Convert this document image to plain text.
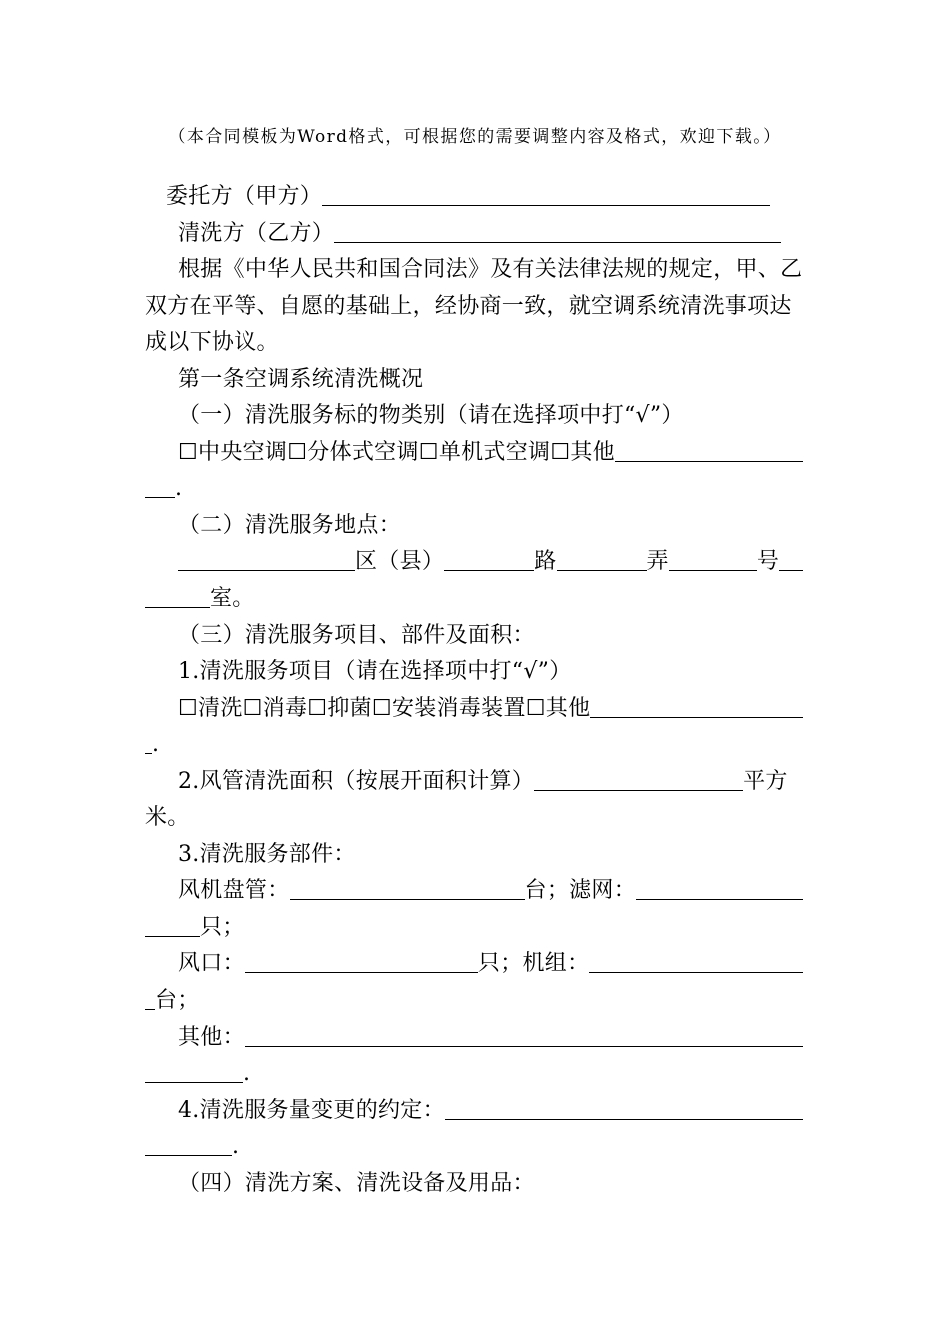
（本合同模板为Word格式，可根据您的需要调整内容及格式，欢迎下载。）
委托方（甲方）
清洗方（乙方）
根据《中华人民共和国合同法》及有关法律法规的规定，甲、乙
双方在平等、自愿的基础上，经协商一致，就空调系统清洗事项达
成以下协议。
第一条空调系统清洗概况
（一）清洗服务标的物类别（请在选择项中打“√”）
☐ 中央空调 ☐ 分体式空调 ☐ 单机式空调 ☐ 其他
.
（二）清洗服务地点：
区（县）	路	弄	号
室。
（三）清洗服务项目、部件及面积：
1.清洗服务项目（请在选择项中打“√”）
☐ 清洗 ☐ 消毒 ☐ 抑菌 ☐ 安装消毒装置 ☐ 其他
.
2.风管清洗面积（按展开面积计算）	平方
米。
3.清洗服务部件：
风机盘管：	台；滤网：
只；
风口：	只；机组：
台；
其他：
.
4.清洗服务量变更的约定：
.
（四）清洗方案、清洗设备及用品：
